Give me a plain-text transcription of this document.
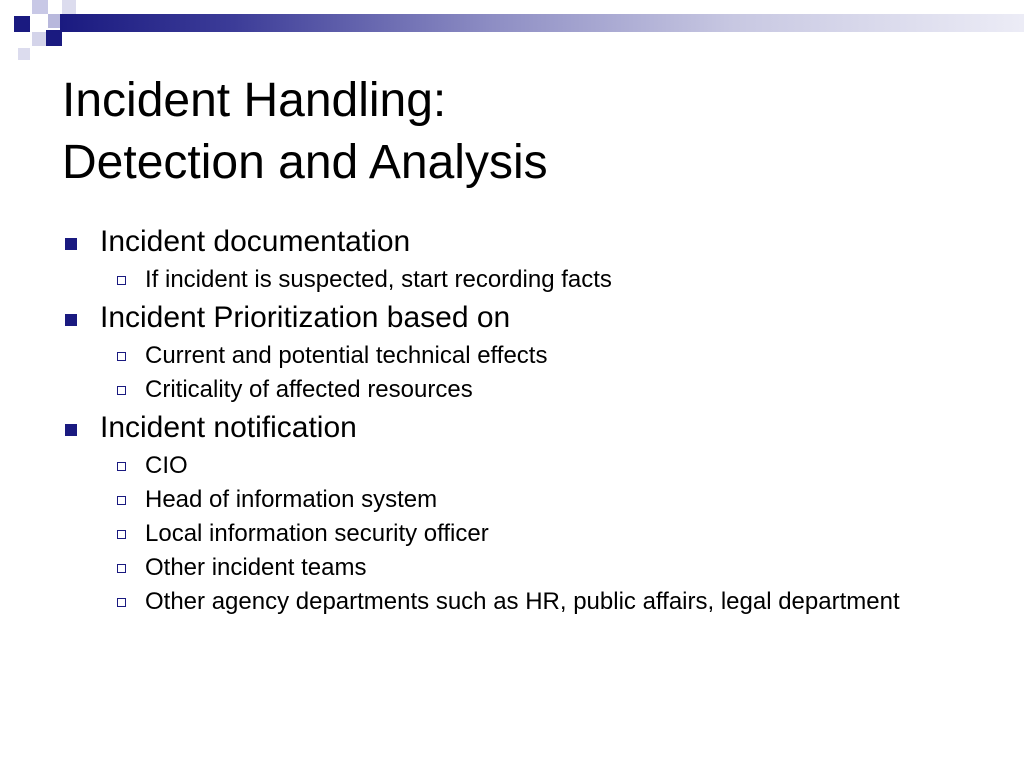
Incident Handling:
Detection and Analysis
Incident documentation
If incident is suspected, start recording facts
Incident Prioritization based on
Current and potential technical effects
Criticality of affected resources
Incident notification
CIO
Head of information system
Local information security officer
Other incident teams
Other agency departments such as HR, public affairs, legal department
